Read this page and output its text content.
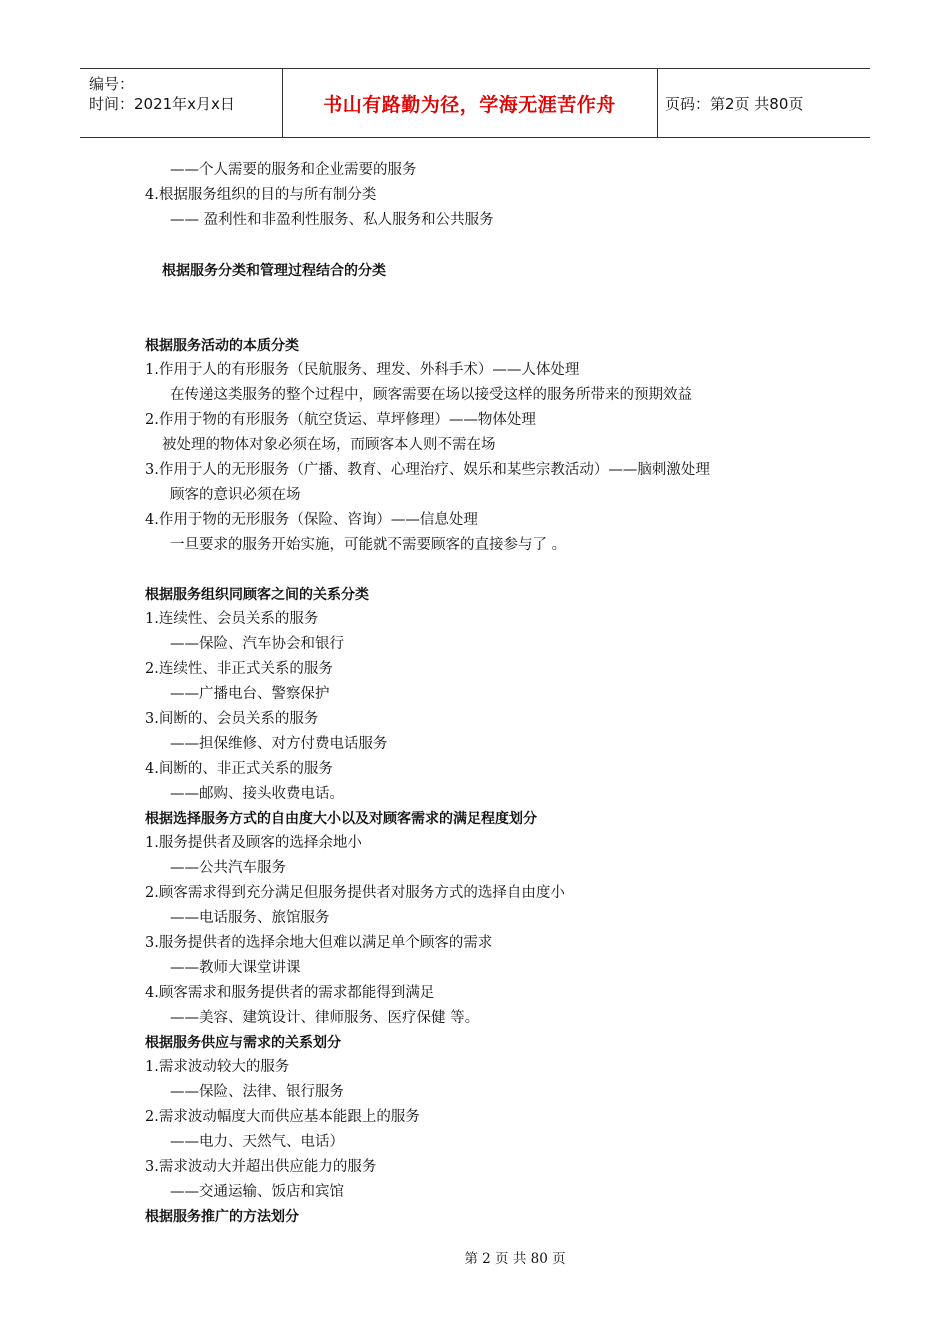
编号：
时间：2021年x月x日	书山有路勤为径，学海无涯苦作舟	页码：第2页 共80页
——个人需要的服务和企业需要的服务
4.根据服务组织的目的与所有制分类
—— 盈利性和非盈利性服务、私人服务和公共服务
根据服务分类和管理过程结合的分类
根据服务活动的本质分类
1.作用于人的有形服务（民航服务、理发、外科手术）——人体处理
在传递这类服务的整个过程中，顾客需要在场以接受这样的服务所带来的预期效益
2.作用于物的有形服务（航空货运、草坪修理）——物体处理
被处理的物体对象必须在场，而顾客本人则不需在场
3.作用于人的无形服务（广播、教育、心理治疗、娱乐和某些宗教活动）——脑刺激处理
顾客的意识必须在场
4.作用于物的无形服务（保险、咨询）——信息处理
一旦要求的服务开始实施，可能就不需要顾客的直接参与了 。
根据服务组织同顾客之间的关系分类
1.连续性、会员关系的服务
——保险、汽车协会和银行
2.连续性、非正式关系的服务
——广播电台、警察保护
3.间断的、会员关系的服务
——担保维修、对方付费电话服务
4.间断的、非正式关系的服务
——邮购、接头收费电话。
根据选择服务方式的自由度大小以及对顾客需求的满足程度划分
1.服务提供者及顾客的选择余地小
——公共汽车服务
2.顾客需求得到充分满足但服务提供者对服务方式的选择自由度小
——电话服务、旅馆服务
3.服务提供者的选择余地大但难以满足单个顾客的需求
——教师大课堂讲课
4.顾客需求和服务提供者的需求都能得到满足
——美容、建筑设计、律师服务、医疗保健 等。
根据服务供应与需求的关系划分
1.需求波动较大的服务
——保险、法律、银行服务
2.需求波动幅度大而供应基本能跟上的服务
——电力、天然气、电话）
3.需求波动大并超出供应能力的服务
——交通运输、饭店和宾馆
根据服务推广的方法划分
第 2 页 共 80 页
